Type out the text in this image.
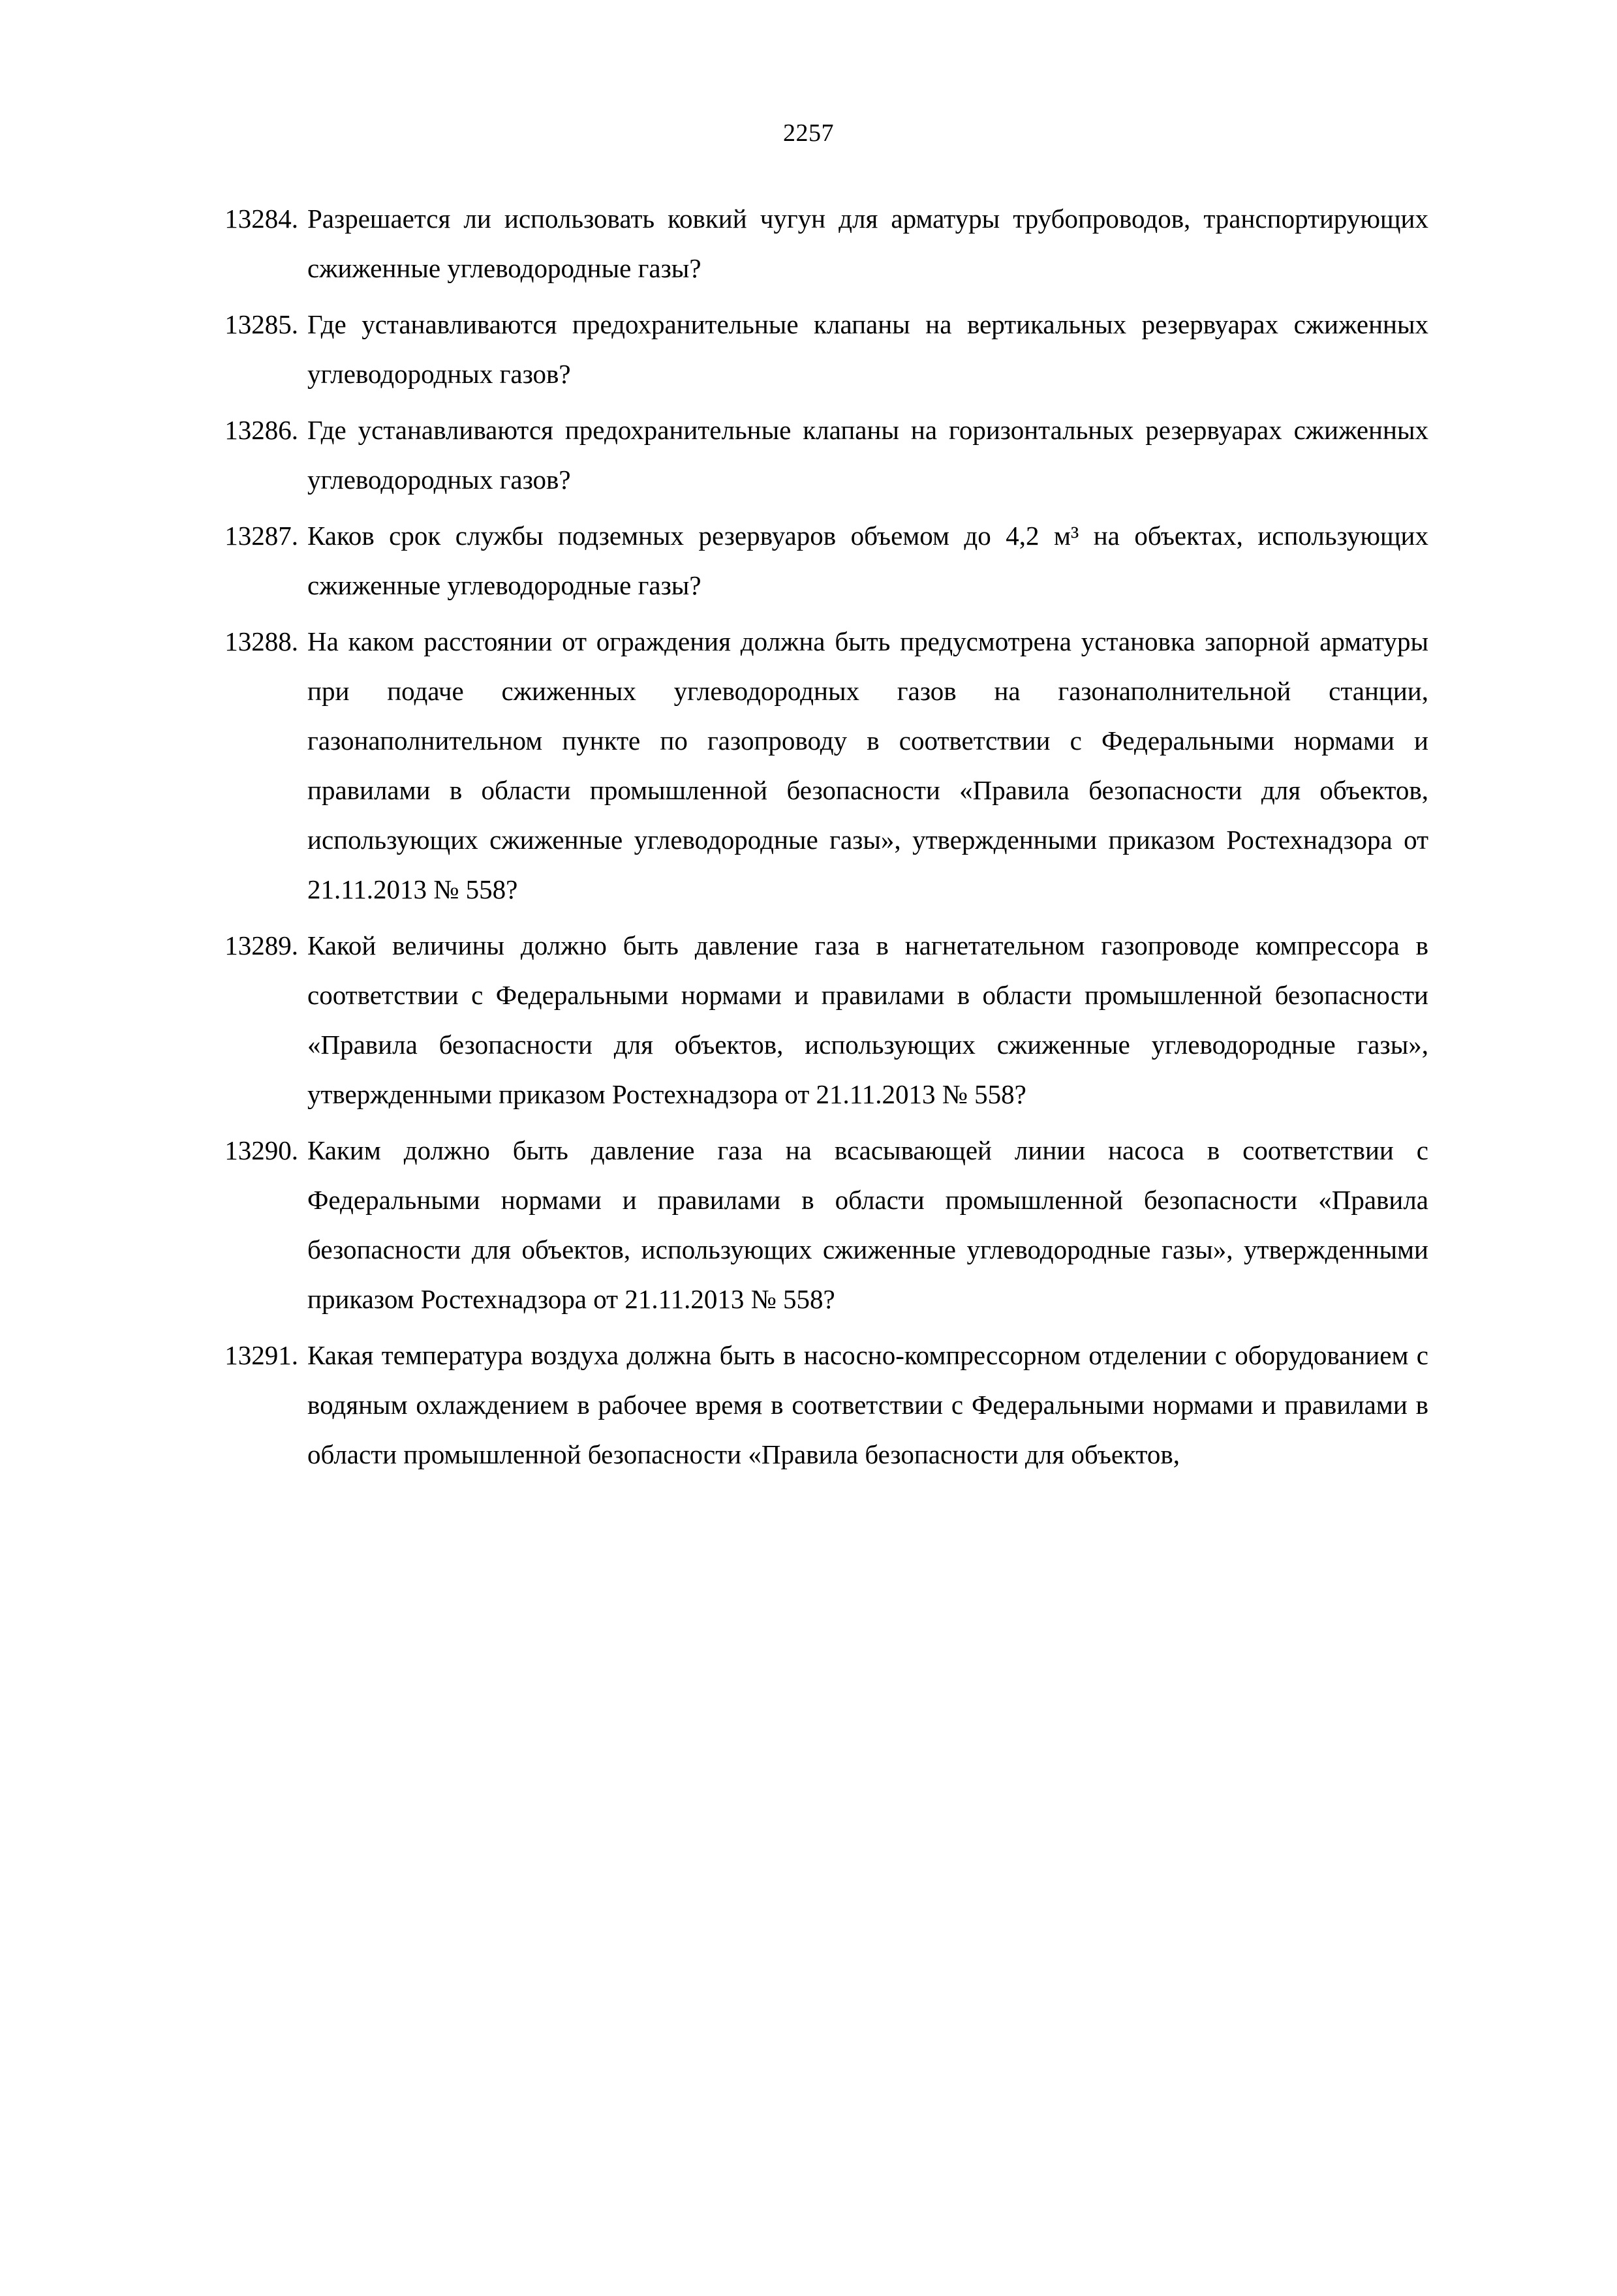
2257
13284. Разрешается ли использовать ковкий чугун для арматуры трубопроводов, транспортирующих сжиженные углеводородные газы?
13285. Где устанавливаются предохранительные клапаны на вертикальных резервуарах сжиженных углеводородных газов?
13286. Где устанавливаются предохранительные клапаны на горизонтальных резервуарах сжиженных углеводородных газов?
13287. Каков срок службы подземных резервуаров объемом до 4,2 м³ на объектах, использующих сжиженные углеводородные газы?
13288. На каком расстоянии от ограждения должна быть предусмотрена установка запорной арматуры при подаче сжиженных углеводородных газов на газонаполнительной станции, газонаполнительном пункте по газопроводу в соответствии с Федеральными нормами и правилами в области промышленной безопасности «Правила безопасности для объектов, использующих сжиженные углеводородные газы», утвержденными приказом Ростехнадзора от 21.11.2013 № 558?
13289. Какой величины должно быть давление газа в нагнетательном газопроводе компрессора в соответствии с Федеральными нормами и правилами в области промышленной безопасности «Правила безопасности для объектов, использующих сжиженные углеводородные газы», утвержденными приказом Ростехнадзора от 21.11.2013 № 558?
13290. Каким должно быть давление газа на всасывающей линии насоса в соответствии с Федеральными нормами и правилами в области промышленной безопасности «Правила безопасности для объектов, использующих сжиженные углеводородные газы», утвержденными приказом Ростехнадзора от 21.11.2013 № 558?
13291. Какая температура воздуха должна быть в насосно-компрессорном отделении с оборудованием с водяным охлаждением в рабочее время в соответствии с Федеральными нормами и правилами в области промышленной безопасности «Правила безопасности для объектов,
